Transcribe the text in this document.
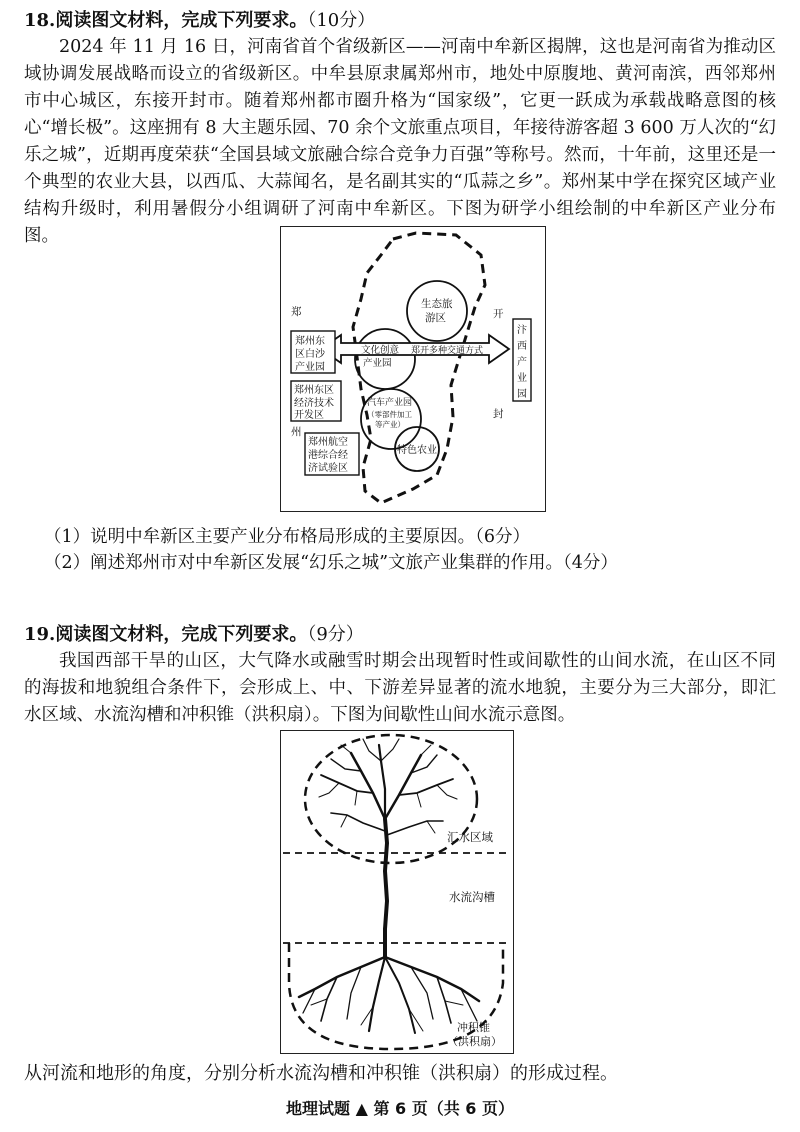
18.阅读图文材料，完成下列要求。（10分）
2024 年 11 月 16 日，河南省首个省级新区——河南中牟新区揭牌，这也是河南省为推动区域协调发展战略而设立的省级新区。中牟县原隶属郑州市，地处中原腹地、黄河南滨，西邻郑州市中心城区，东接开封市。随着郑州都市圈升格为“国家级”，它更一跃成为承载战略意图的核心“增长极”。这座拥有 8 大主题乐园、70 余个文旅重点项目，年接待游客超 3 600 万人次的“幻乐之城”，近期再度荣获“全国县域文旅融合综合竞争力百强”等称号。然而，十年前，这里还是一个典型的农业大县，以西瓜、大蒜闻名，是名副其实的“瓜蒜之乡”。郑州某中学在探究区域产业结构升级时，利用暑假分小组调研了河南中牟新区。下图为研学小组绘制的中牟新区产业分布图。
郑
州
开
封
生态旅
游区
文化创意
产业园
郑开多种交通方式
汽车产业园
（零部件加工
等产业）
特色农业
郑州东
区白沙
产业园
郑州东区
经济技术
开发区
郑州航空
港综合经
济试验区
汴
西
产
业
园
（1）说明中牟新区主要产业分布格局形成的主要原因。（6分）
（2）阐述郑州市对中牟新区发展“幻乐之城”文旅产业集群的作用。（4分）
19.阅读图文材料，完成下列要求。（9分）
我国西部干旱的山区，大气降水或融雪时期会出现暂时性或间歇性的山间水流，在山区不同的海拔和地貌组合条件下，会形成上、中、下游差异显著的流水地貌，主要分为三大部分，即汇水区域、水流沟槽和冲积锥（洪积扇）。下图为间歇性山间水流示意图。
汇水区域
水流沟槽
冲积锥
（洪积扇）
从河流和地形的角度，分别分析水流沟槽和冲积锥（洪积扇）的形成过程。
地理试题 ▲ 第 6 页（共 6 页）
